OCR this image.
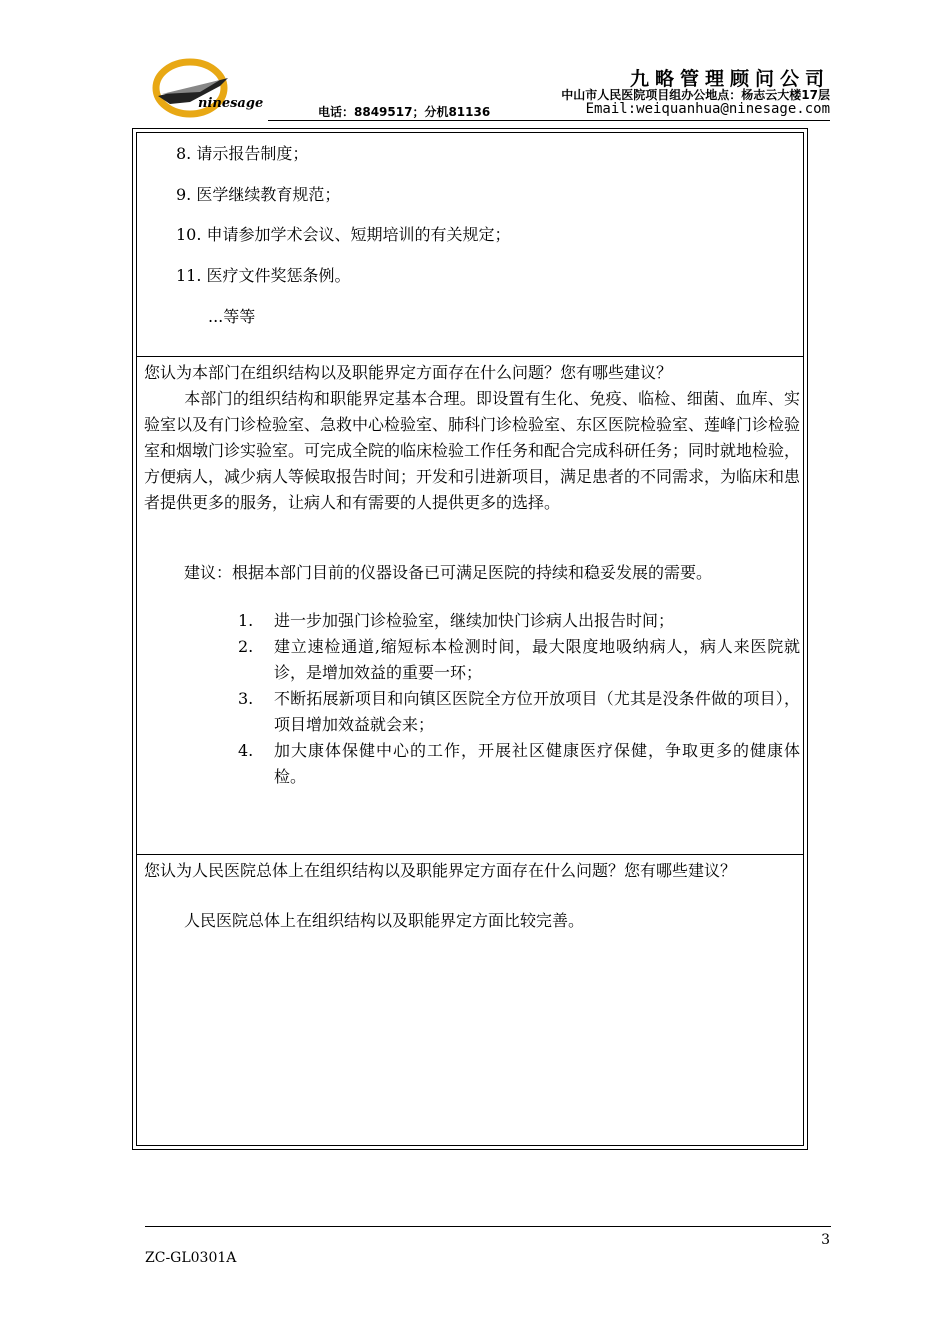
ninesage
九略管理顾问公司
中山市人民医院项目组办公地点：杨志云大楼17层
电话：8849517；分机81136	Email:weiquanhua@ninesage.com
8. 请示报告制度；
9. 医学继续教育规范；
10. 申请参加学术会议、短期培训的有关规定；
11. 医疗文件奖惩条例。
...等等
您认为本部门在组织结构以及职能界定方面存在什么问题？您有哪些建议？
本部门的组织结构和职能界定基本合理。即设置有生化、免疫、临检、细菌、血库、实验室以及有门诊检验室、急救中心检验室、肺科门诊检验室、东区医院检验室、莲峰门诊检验室和烟墩门诊实验室。可完成全院的临床检验工作任务和配合完成科研任务；同时就地检验，方便病人，减少病人等候取报告时间；开发和引进新项目，满足患者的不同需求，为临床和患者提供更多的服务，让病人和有需要的人提供更多的选择。
建议：根据本部门目前的仪器设备已可满足医院的持续和稳妥发展的需要。
1. 进一步加强门诊检验室，继续加快门诊病人出报告时间；
2. 建立速检通道,缩短标本检测时间，最大限度地吸纳病人，病人来医院就诊，是增加效益的重要一环；
3. 不断拓展新项目和向镇区医院全方位开放项目（尤其是没条件做的项目），项目增加效益就会来；
4. 加大康体保健中心的工作，开展社区健康医疗保健，争取更多的健康体检。
您认为人民医院总体上在组织结构以及职能界定方面存在什么问题？您有哪些建议？
人民医院总体上在组织结构以及职能界定方面比较完善。
3
ZC-GL0301A
